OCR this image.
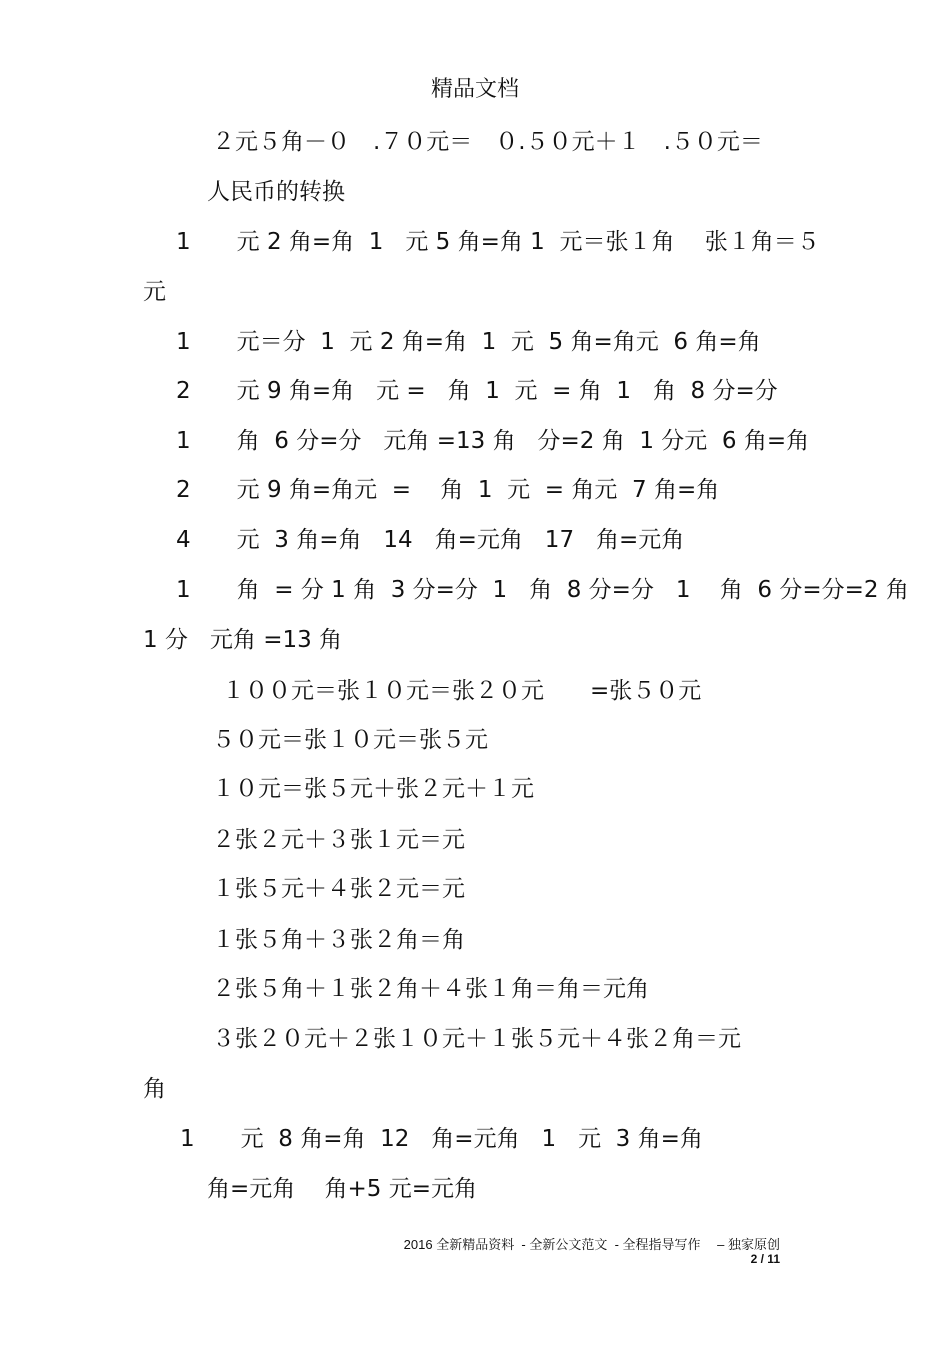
精品文档
２元５角－０　.７０元＝　０.５０元＋１　.５０元＝
人民币的转换
1　　元 2 角=角  1   元 5 角=角 1  元＝张１角　 张１角＝５
元
1　　元＝分  1  元 2 角=角  1  元  5 角=角元  6 角=角
2　　元 9 角=角   元 =   角  1  元  = 角  1   角  8 分=分
1　　角  6 分=分   元角 =13 角   分=2 角  1 分元  6 角=角
2　　元 9 角=角元  =    角  1  元  = 角元  7 角=角
4　　元  3 角=角   14   角=元角   17   角=元角
1　　角  = 分 1 角  3 分=分  1   角  8 分=分   1    角  6 分=分=2 角
1 分   元角 =13 角
１００元＝张１０元＝张２０元　　=张５０元
５０元＝张１０元＝张５元
１０元＝张５元＋张２元＋１元
２张２元＋３张１元＝元
１张５元＋４张２元＝元
１张５角＋３张２角＝角
２张５角＋１张２角＋４张１角＝角＝元角
３张２０元＋２张１０元＋１张５元＋４张２角＝元
角
1　　元  8 角=角  12   角=元角   1   元  3 角=角
角=元角    角+5 元=元角
2016 全新精品资料  - 全新公文范文  - 全程指导写作　 – 独家原创
2 / 11
